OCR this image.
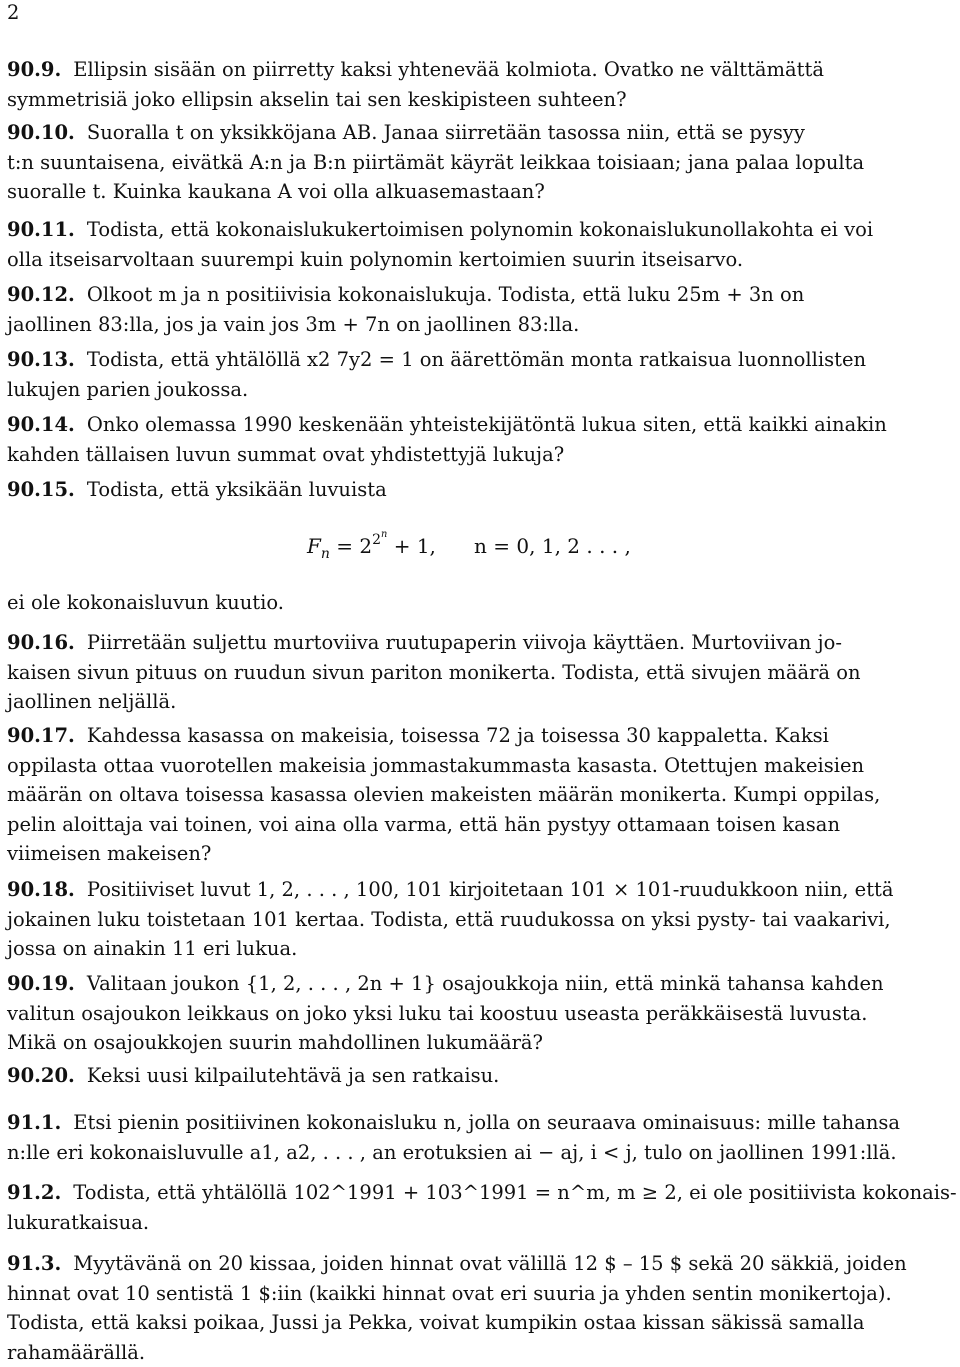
2
90.9. Ellipsin sisään on piirretty kaksi yhtenevää kolmiota. Ovatko ne välttämättä
symmetrisiä joko ellipsin akselin tai sen keskipisteen suhteen?
90.10. Suoralla t on yksikköjana AB. Janaa siirretään tasossa niin, että se pysyy
t:n suuntaisena, eivätkä A:n ja B:n piirtämät käyrät leikkaa toisiaan; jana palaa lopulta
suoralle t. Kuinka kaukana A voi olla alkuasemastaan?
90.11. Todista, että kokonaislukukertoimisen polynomin kokonaislukunollakohta ei voi
olla itseisarvoltaan suurempi kuin polynomin kertoimien suurin itseisarvo.
90.12. Olkoot m ja n positiivisia kokonaislukuja. Todista, että luku 25m + 3n on
jaollinen 83:lla, jos ja vain jos 3m + 7n on jaollinen 83:lla.
90.13. Todista, että yhtälöllä x2 7y2 = 1 on äärettömän monta ratkaisua luonnollisten
lukujen parien joukossa.
90.14. Onko olemassa 1990 keskenään yhteistekijätöntä lukua siten, että kaikki ainakin
kahden tällaisen luvun summat ovat yhdistettyjä lukuja?
90.15. Todista, että yksikään luvuista
90.16. Piirretään suljettu murtoviiva ruutupaperin viivoja käyttäen. Murtoviivan jo-
kaisen sivun pituus on ruudun sivun pariton monikerta. Todista, että sivujen määrä on
jaollinen neljällä.
90.17. Kahdessa kasassa on makeisia, toisessa 72 ja toisessa 30 kappaletta. Kaksi
oppilasta ottaa vuorotellen makeisia jommastakummasta kasasta. Otettujen makeisien
määrän on oltava toisessa kasassa olevien makeisten määrän monikerta. Kumpi oppilas,
pelin aloittaja vai toinen, voi aina olla varma, että hän pystyy ottamaan toisen kasan
viimeisen makeisen?
90.18. Positiiviset luvut 1, 2, . . . , 100, 101 kirjoitetaan 101 × 101-ruudukkoon niin, että
jokainen luku toistetaan 101 kertaa. Todista, että ruudukossa on yksi pysty- tai vaakarivi,
jossa on ainakin 11 eri lukua.
90.19. Valitaan joukon {1, 2, . . . , 2n + 1} osajoukkoja niin, että minkä tahansa kahden
valitun osajoukon leikkaus on joko yksi luku tai koostuu useasta peräkkäisestä luvusta.
Mikä on osajoukkojen suurin mahdollinen lukumäärä?
90.20. Keksi uusi kilpailutehtävä ja sen ratkaisu.
91.1. Etsi pienin positiivinen kokonaisluku n, jolla on seuraava ominaisuus: mille tahansa
n:lle eri kokonaisluvulle a1, a2, . . . , an erotuksien ai − aj, i < j, tulo on jaollinen 1991:llä.
91.2. Todista, että yhtälöllä 102^1991 + 103^1991 = n^m, m ≥ 2, ei ole positiivista kokonais-
lukuratkaisua.
91.3. Myytävänä on 20 kissaa, joiden hinnat ovat välillä 12 $ – 15 $ sekä 20 säkkiä, joiden
hinnat ovat 10 sentistä 1 $:iin (kaikki hinnat ovat eri suuria ja yhden sentin monikertoja).
Todista, että kaksi poikaa, Jussi ja Pekka, voivat kumpikin ostaa kissan säkissä samalla
rahamäärällä.
$F_n = 2^{2^n} + 1$,      n = 0, 1, 2 . . . ,
ei ole kokonaisluvun kuutio.
